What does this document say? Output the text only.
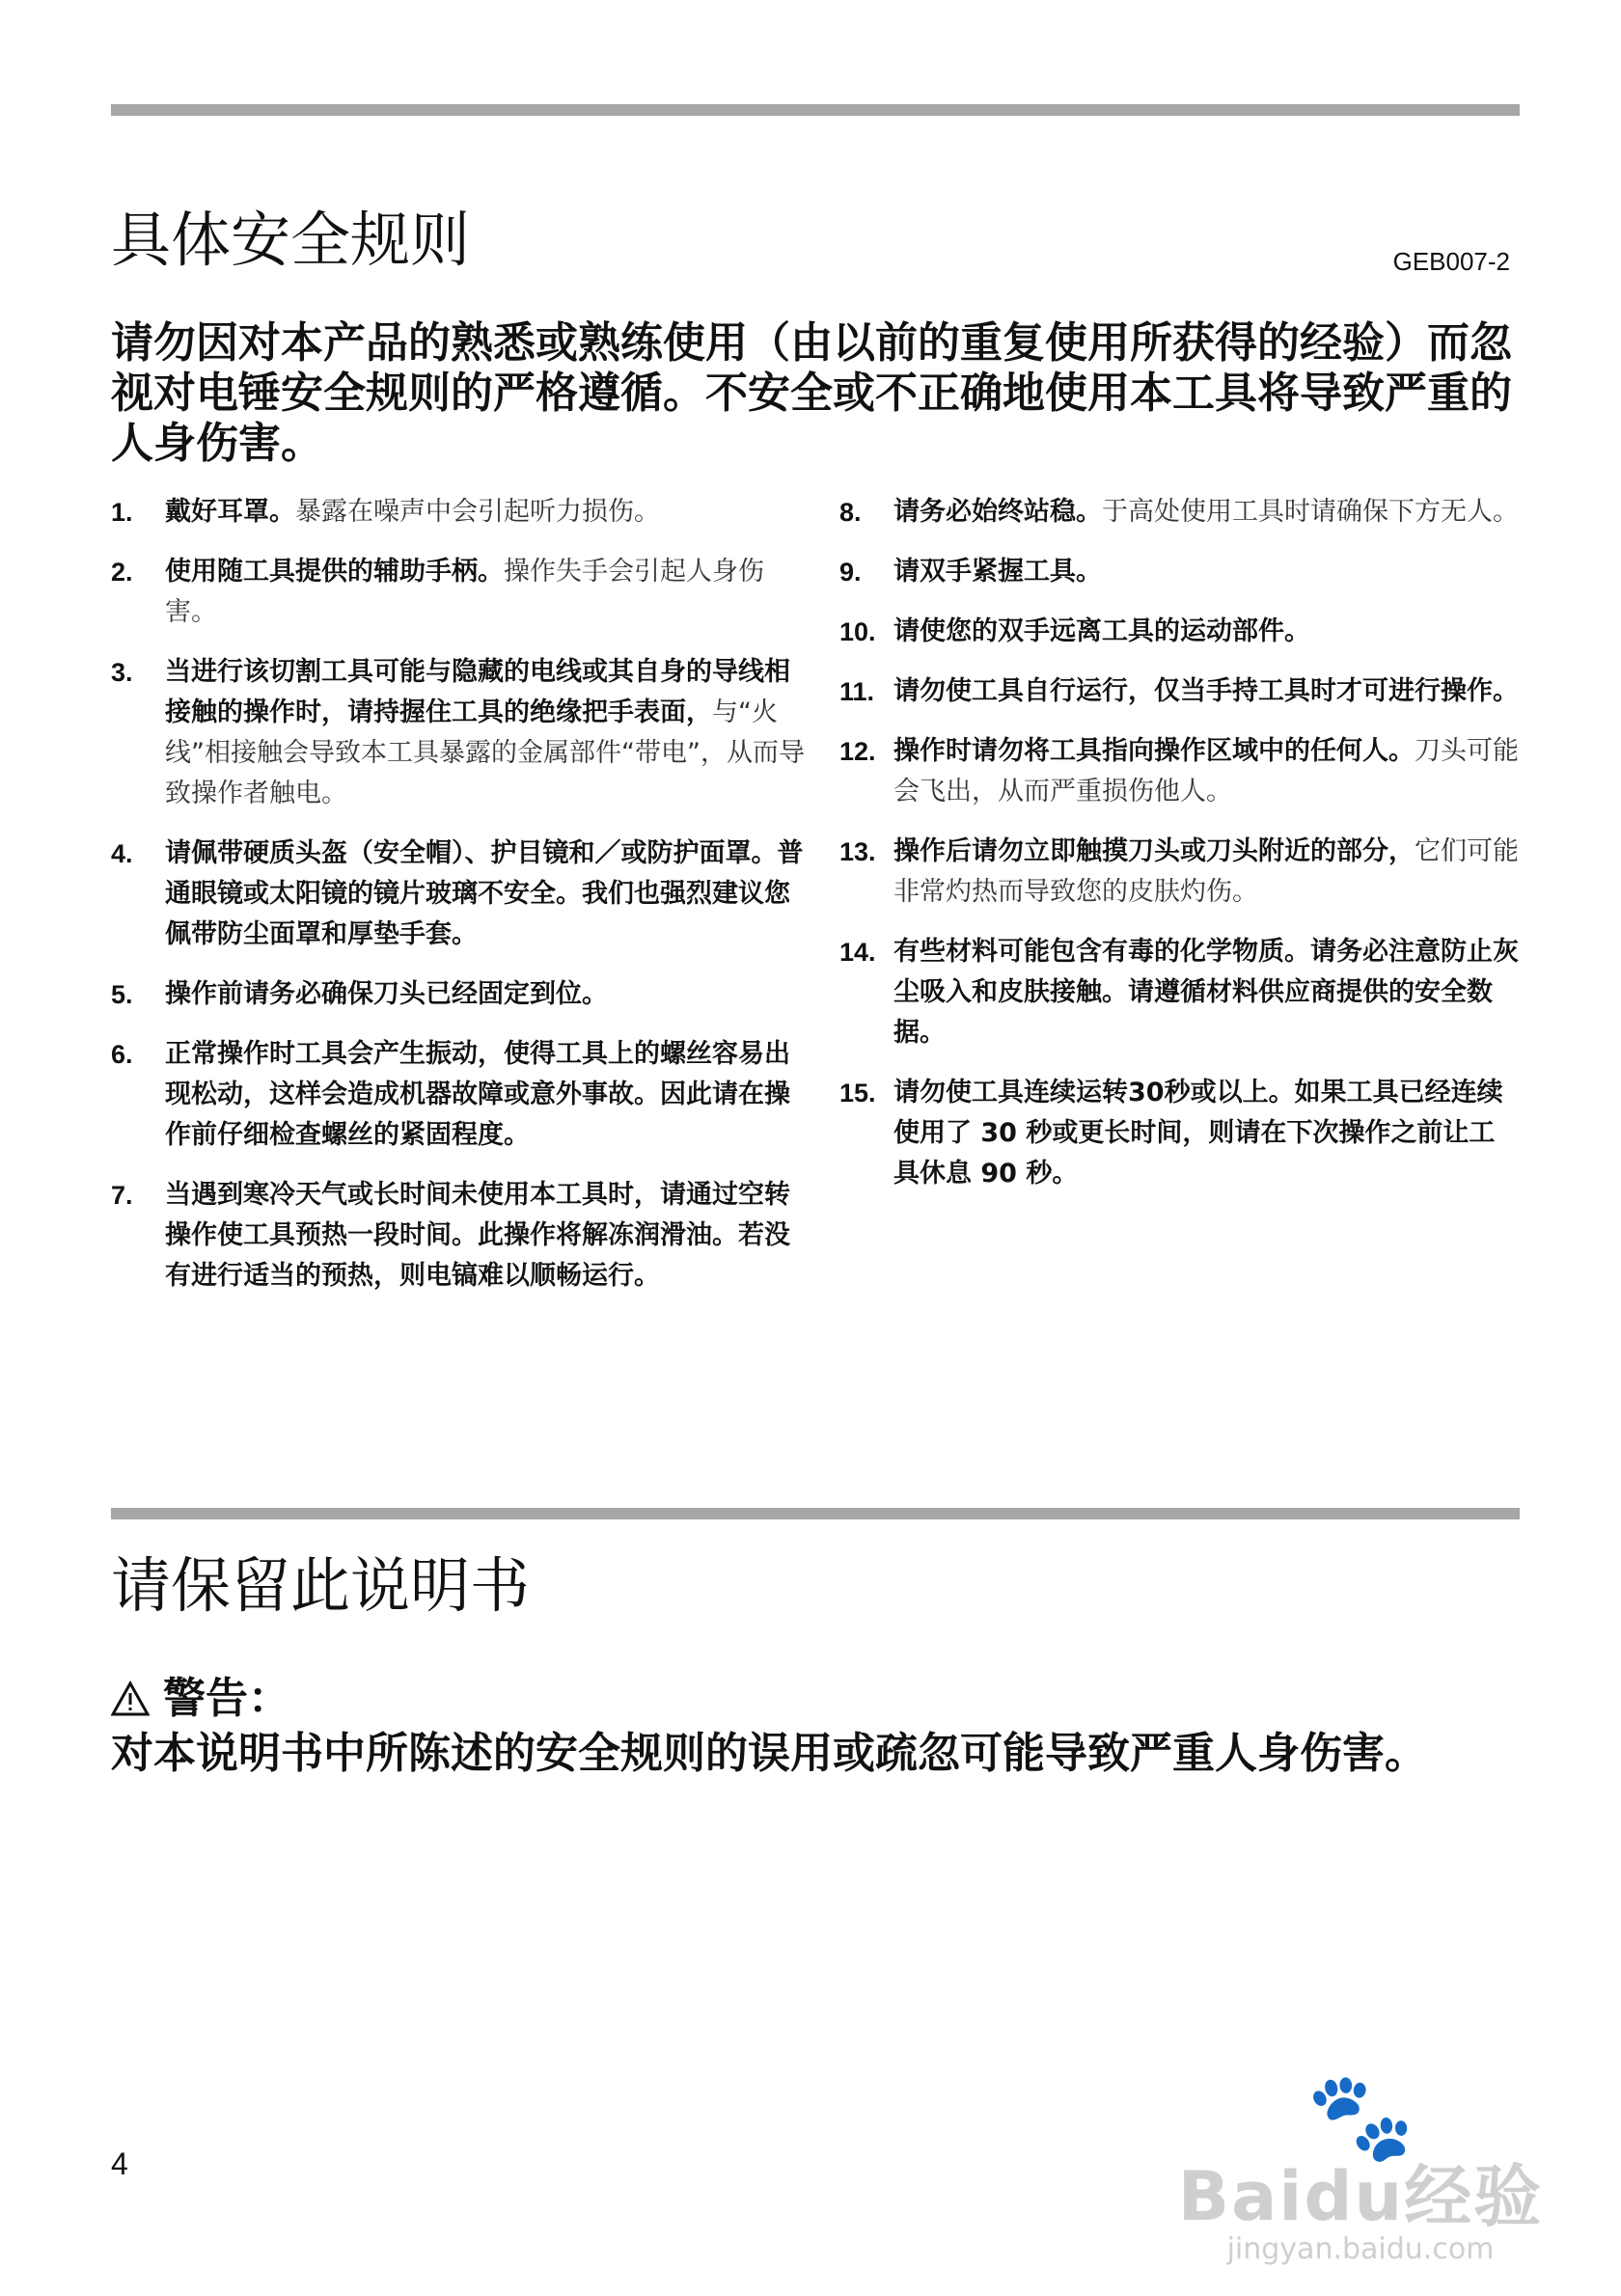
具体安全规则	GEB007-2
请勿因对本产品的熟悉或熟练使用（由以前的重复使用所获得的经验）而忽视对电锤安全规则的严格遵循。不安全或不正确地使用本工具将导致严重的人身伤害。
1.	戴好耳罩。暴露在噪声中会引起听力损伤。
2.	使用随工具提供的辅助手柄。操作失手会引起人身伤害。
3.	当进行该切割工具可能与隐藏的电线或其自身的导线相接触的操作时，请持握住工具的绝缘把手表面，与“火线”相接触会导致本工具暴露的金属部件“带电”，从而导致操作者触电。
4.	请佩带硬质头盔（安全帽）、护目镜和／或防护面罩。普通眼镜或太阳镜的镜片玻璃不安全。我们也强烈建议您佩带防尘面罩和厚垫手套。
5.	操作前请务必确保刀头已经固定到位。
6.	正常操作时工具会产生振动，使得工具上的螺丝容易出现松动，这样会造成机器故障或意外事故。因此请在操作前仔细检查螺丝的紧固程度。
7.	当遇到寒冷天气或长时间未使用本工具时，请通过空转操作使工具预热一段时间。此操作将解冻润滑油。若没有进行适当的预热，则电镐难以顺畅运行。
8.	请务必始终站稳。于高处使用工具时请确保下方无人。
9.	请双手紧握工具。
10. 请使您的双手远离工具的运动部件。
11. 请勿使工具自行运行，仅当手持工具时才可进行操作。
12. 操作时请勿将工具指向操作区域中的任何人。刀头可能会飞出，从而严重损伤他人。
13. 操作后请勿立即触摸刀头或刀头附近的部分，它们可能非常灼热而导致您的皮肤灼伤。
14. 有些材料可能包含有毒的化学物质。请务必注意防止灰尘吸入和皮肤接触。请遵循材料供应商提供的安全数据。
15. 请勿使工具连续运转30秒或以上。如果工具已经连续使用了 30 秒或更长时间，则请在下次操作之前让工具休息 90 秒。
请保留此说明书
警告：
对本说明书中所陈述的安全规则的误用或疏忽可能导致严重人身伤害。
4	🐾
Baidu经验
jingyan.baidu.com
